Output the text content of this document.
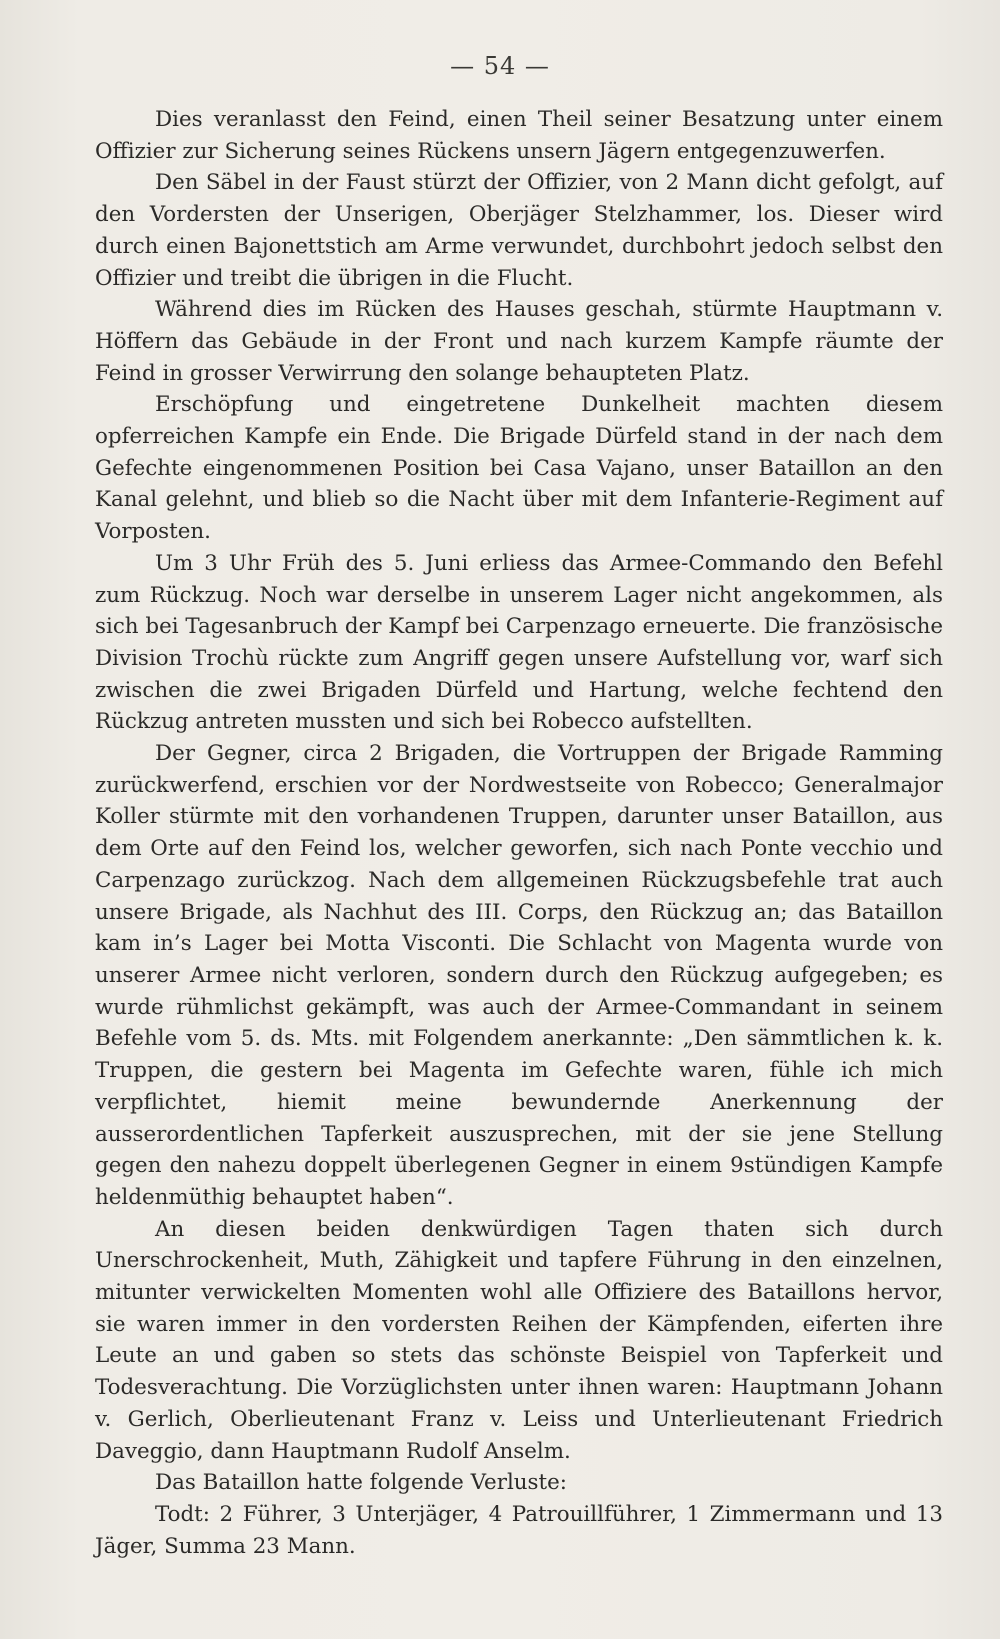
— 54 —

Dies veranlasst den Feind, einen Theil seiner Besatzung unter einem Offizier zur Sicherung seines Rückens unsern Jägern entgegenzuwerfen.

Den Säbel in der Faust stürzt der Offizier, von 2 Mann dicht gefolgt, auf den Vordersten der Unserigen, Oberjäger Stelzhammer, los. Dieser wird durch einen Bajonettstich am Arme verwundet, durchbohrt jedoch selbst den Offizier und treibt die übrigen in die Flucht.

Während dies im Rücken des Hauses geschah, stürmte Hauptmann v. Höffern das Gebäude in der Front und nach kurzem Kampfe räumte der Feind in grosser Verwirrung den solange behaupteten Platz.

Erschöpfung und eingetretene Dunkelheit machten diesem opferreichen Kampfe ein Ende. Die Brigade Dürfeld stand in der nach dem Gefechte eingenommenen Position bei Casa Vajano, unser Bataillon an den Kanal gelehnt, und blieb so die Nacht über mit dem Infanterie-Regiment auf Vorposten.

Um 3 Uhr Früh des 5. Juni erliess das Armee-Commando den Befehl zum Rückzug. Noch war derselbe in unserem Lager nicht angekommen, als sich bei Tagesanbruch der Kampf bei Carpenzago erneuerte. Die französische Division Trochù rückte zum Angriff gegen unsere Aufstellung vor, warf sich zwischen die zwei Brigaden Dürfeld und Hartung, welche fechtend den Rückzug antreten mussten und sich bei Robecco aufstellten.

Der Gegner, circa 2 Brigaden, die Vortruppen der Brigade Ramming zurückwerfend, erschien vor der Nordwestseite von Robecco; Generalmajor Koller stürmte mit den vorhandenen Truppen, darunter unser Bataillon, aus dem Orte auf den Feind los, welcher geworfen, sich nach Ponte vecchio und Carpenzago zurückzog. Nach dem allgemeinen Rückzugsbefehle trat auch unsere Brigade, als Nachhut des III. Corps, den Rückzug an; das Bataillon kam in’s Lager bei Motta Visconti. Die Schlacht von Magenta wurde von unserer Armee nicht verloren, sondern durch den Rückzug aufgegeben; es wurde rühmlichst gekämpft, was auch der Armee-Commandant in seinem Befehle vom 5. ds. Mts. mit Folgendem anerkannte: „Den sämmtlichen k. k. Truppen, die gestern bei Magenta im Gefechte waren, fühle ich mich verpflichtet, hiemit meine bewundernde Anerkennung der ausserordentlichen Tapferkeit auszusprechen, mit der sie jene Stellung gegen den nahezu doppelt überlegenen Gegner in einem 9stündigen Kampfe heldenmüthig behauptet haben“.

An diesen beiden denkwürdigen Tagen thaten sich durch Unerschrockenheit, Muth, Zähigkeit und tapfere Führung in den einzelnen, mitunter verwickelten Momenten wohl alle Offiziere des Bataillons hervor, sie waren immer in den vordersten Reihen der Kämpfenden, eiferten ihre Leute an und gaben so stets das schönste Beispiel von Tapferkeit und Todesverachtung. Die Vorzüglichsten unter ihnen waren: Hauptmann Johann v. Gerlich, Oberlieutenant Franz v. Leiss und Unterlieutenant Friedrich Daveggio, dann Hauptmann Rudolf Anselm.

Das Bataillon hatte folgende Verluste:

Todt: 2 Führer, 3 Unterjäger, 4 Patrouillführer, 1 Zimmermann und 13 Jäger, Summa 23 Mann.
